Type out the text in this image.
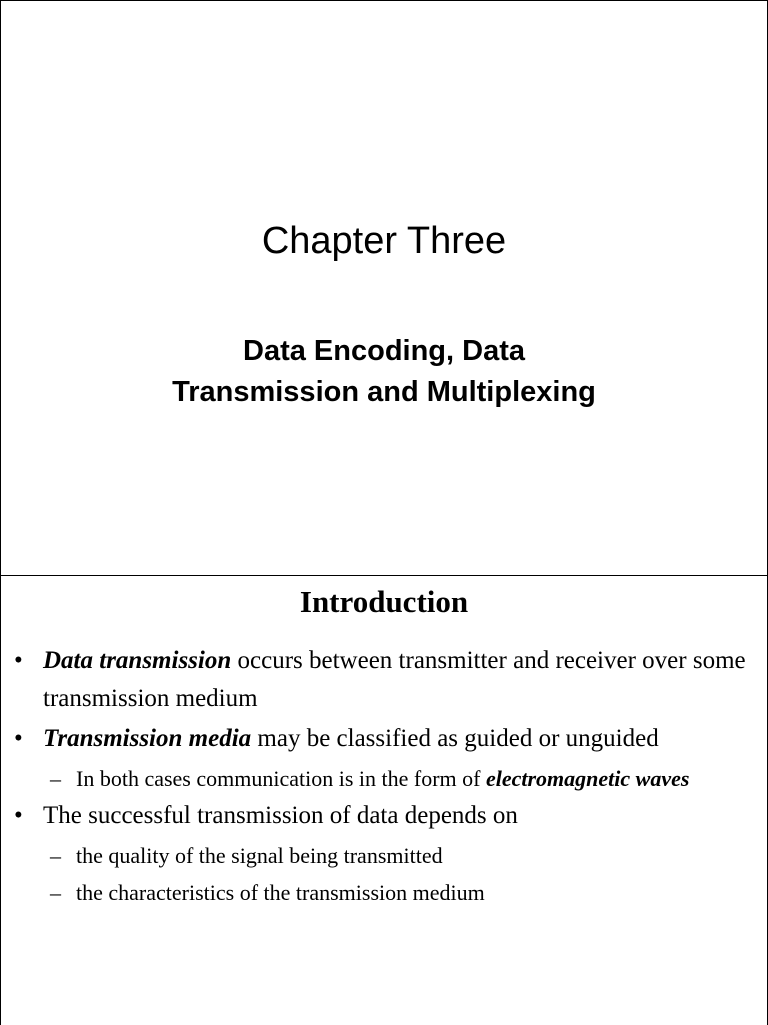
Chapter Three
Data Encoding, Data
Transmission and Multiplexing
Introduction
• Data transmission occurs between transmitter and receiver over some transmission medium
• Transmission media may be classified as guided or unguided
– In both cases communication is in the form of electromagnetic waves
• The successful transmission of data depends on
– the quality of the signal being transmitted
– the characteristics of the transmission medium
